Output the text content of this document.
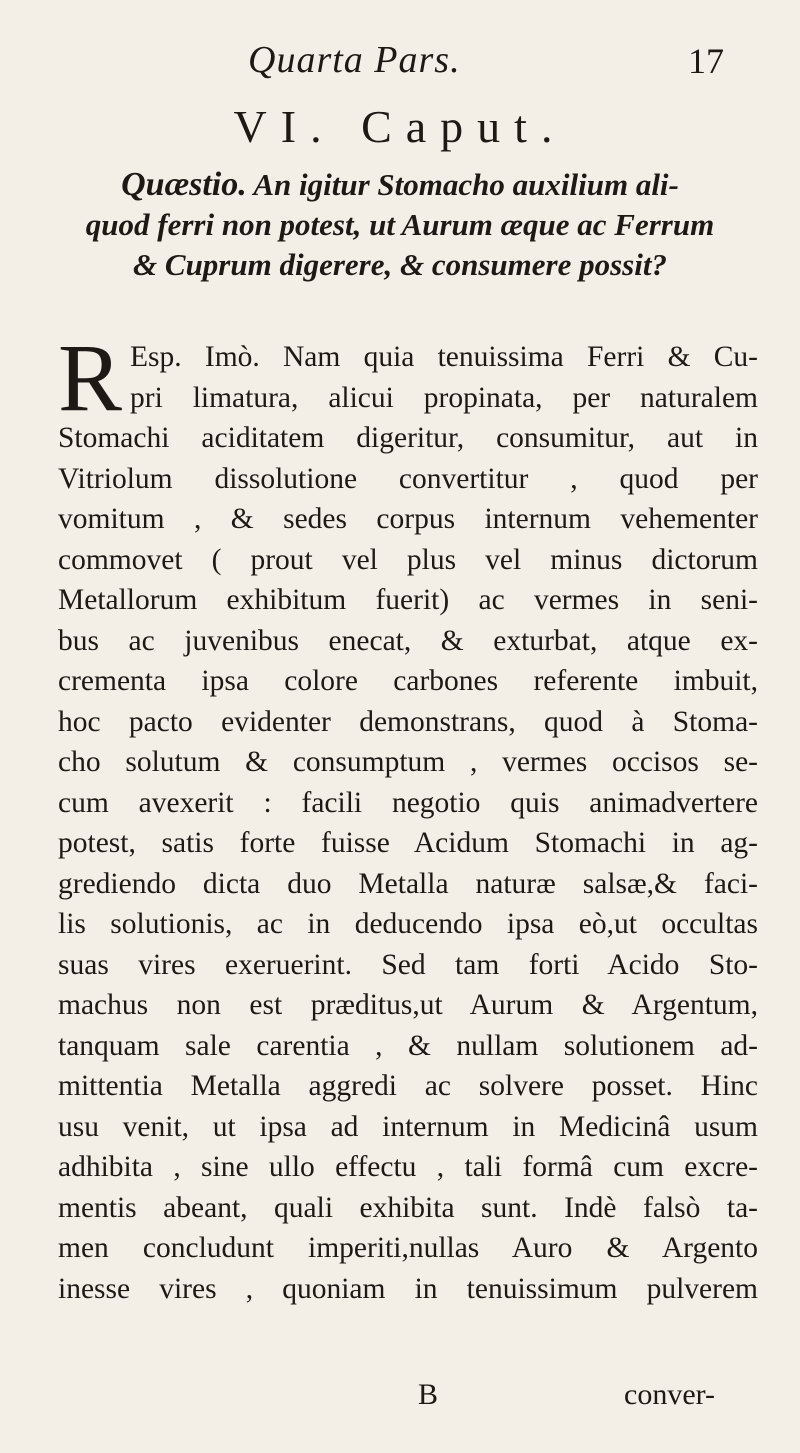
Quarta Pars.	17
VI. Caput.
Quæstio. An igitur Stomacho auxilium ali-
quod ferri non potest, ut Aurum æque ac Ferrum
& Cuprum digerere, & consumere possit?
R Esp. Imò. Nam quia tenuissima Ferri & Cu-
pri limatura, alicui propinata, per naturalem
Stomachi aciditatem digeritur, consumitur, aut in
Vitriolum dissolutione convertitur , quod per
vomitum , & sedes corpus internum vehementer
commovet ( prout vel plus vel minus dictorum
Metallorum exhibitum fuerit) ac vermes in seni-
bus ac juvenibus enecat, & exturbat, atque ex-
crementa ipsa colore carbones referente imbuit,
hoc pacto evidenter demonstrans, quod à Stoma-
cho solutum & consumptum , vermes occisos se-
cum avexerit : facili negotio quis animadvertere
potest, satis forte fuisse Acidum Stomachi in ag-
grediendo dicta duo Metalla naturæ salsæ,& faci-
lis solutionis, ac in deducendo ipsa eò,ut occultas
suas vires exeruerint. Sed tam forti Acido Sto-
machus non est præditus,ut Aurum & Argentum,
tanquam sale carentia , & nullam solutionem ad-
mittentia Metalla aggredi ac solvere posset. Hinc
usu venit, ut ipsa ad internum in Medicinâ usum
adhibita , sine ullo effectu , tali formâ cum excre-
mentis abeant, quali exhibita sunt. Indè falsò ta-
men concludunt imperiti,nullas Auro & Argento
inesse vires , quoniam in tenuissimum pulverem
B	conver-
